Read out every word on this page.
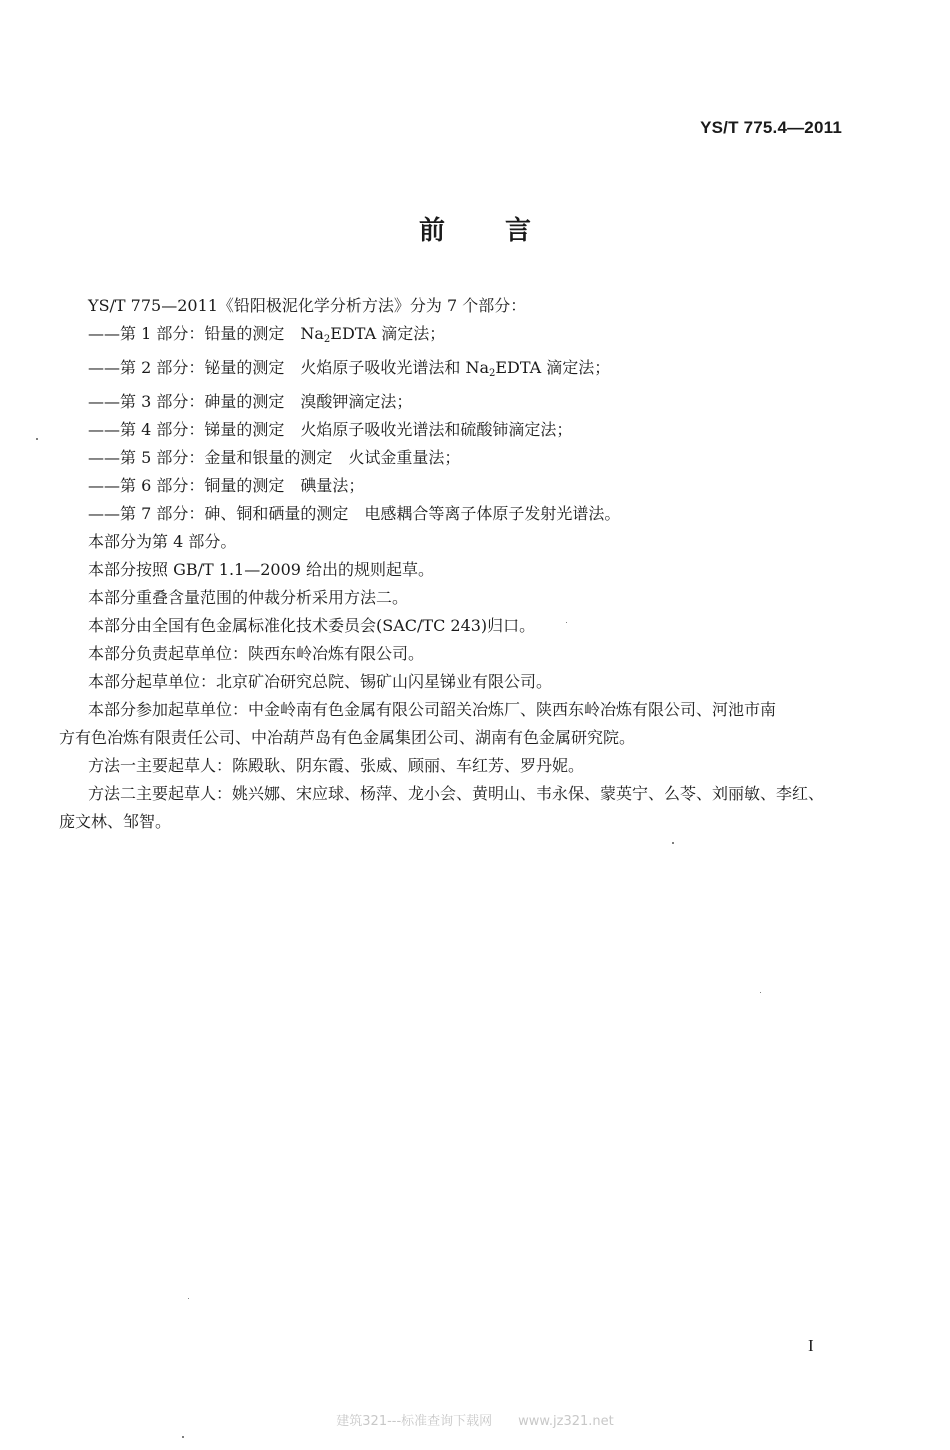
YS/T 775.4—2011
前言

YS/T 775—2011《铅阳极泥化学分析方法》分为 7 个部分：

——第 1 部分：铅量的测定　$Na_2EDTA$ 滴定法；

——第 2 部分：铋量的测定　火焰原子吸收光谱法和 $Na_2EDTA$ 滴定法；

——第 3 部分：砷量的测定　溴酸钾滴定法；

——第 4 部分：锑量的测定　火焰原子吸收光谱法和硫酸铈滴定法；

——第 5 部分：金量和银量的测定　火试金重量法；

——第 6 部分：铜量的测定　碘量法；

——第 7 部分：砷、铜和硒量的测定　电感耦合等离子体原子发射光谱法。

本部分为第 4 部分。

本部分按照 GB/T 1.1—2009 给出的规则起草。

本部分重叠含量范围的仲裁分析采用方法二。

本部分由全国有色金属标准化技术委员会(SAC/TC 243)归口。

本部分负责起草单位：陕西东岭冶炼有限公司。

本部分起草单位：北京矿冶研究总院、锡矿山闪星锑业有限公司。

本部分参加起草单位：中金岭南有色金属有限公司韶关冶炼厂、陕西东岭冶炼有限公司、河池市南
方有色冶炼有限责任公司、中冶葫芦岛有色金属集团公司、湖南有色金属研究院。

方法一主要起草人：陈殿耿、阴东霞、张威、顾丽、车红芳、罗丹妮。

方法二主要起草人：姚兴娜、宋应球、杨萍、龙小会、黄明山、韦永保、蒙英宁、么苓、刘丽敏、李红、
庞文林、邹智。

I
建筑321---标准查询下载网　　www.jz321.net
